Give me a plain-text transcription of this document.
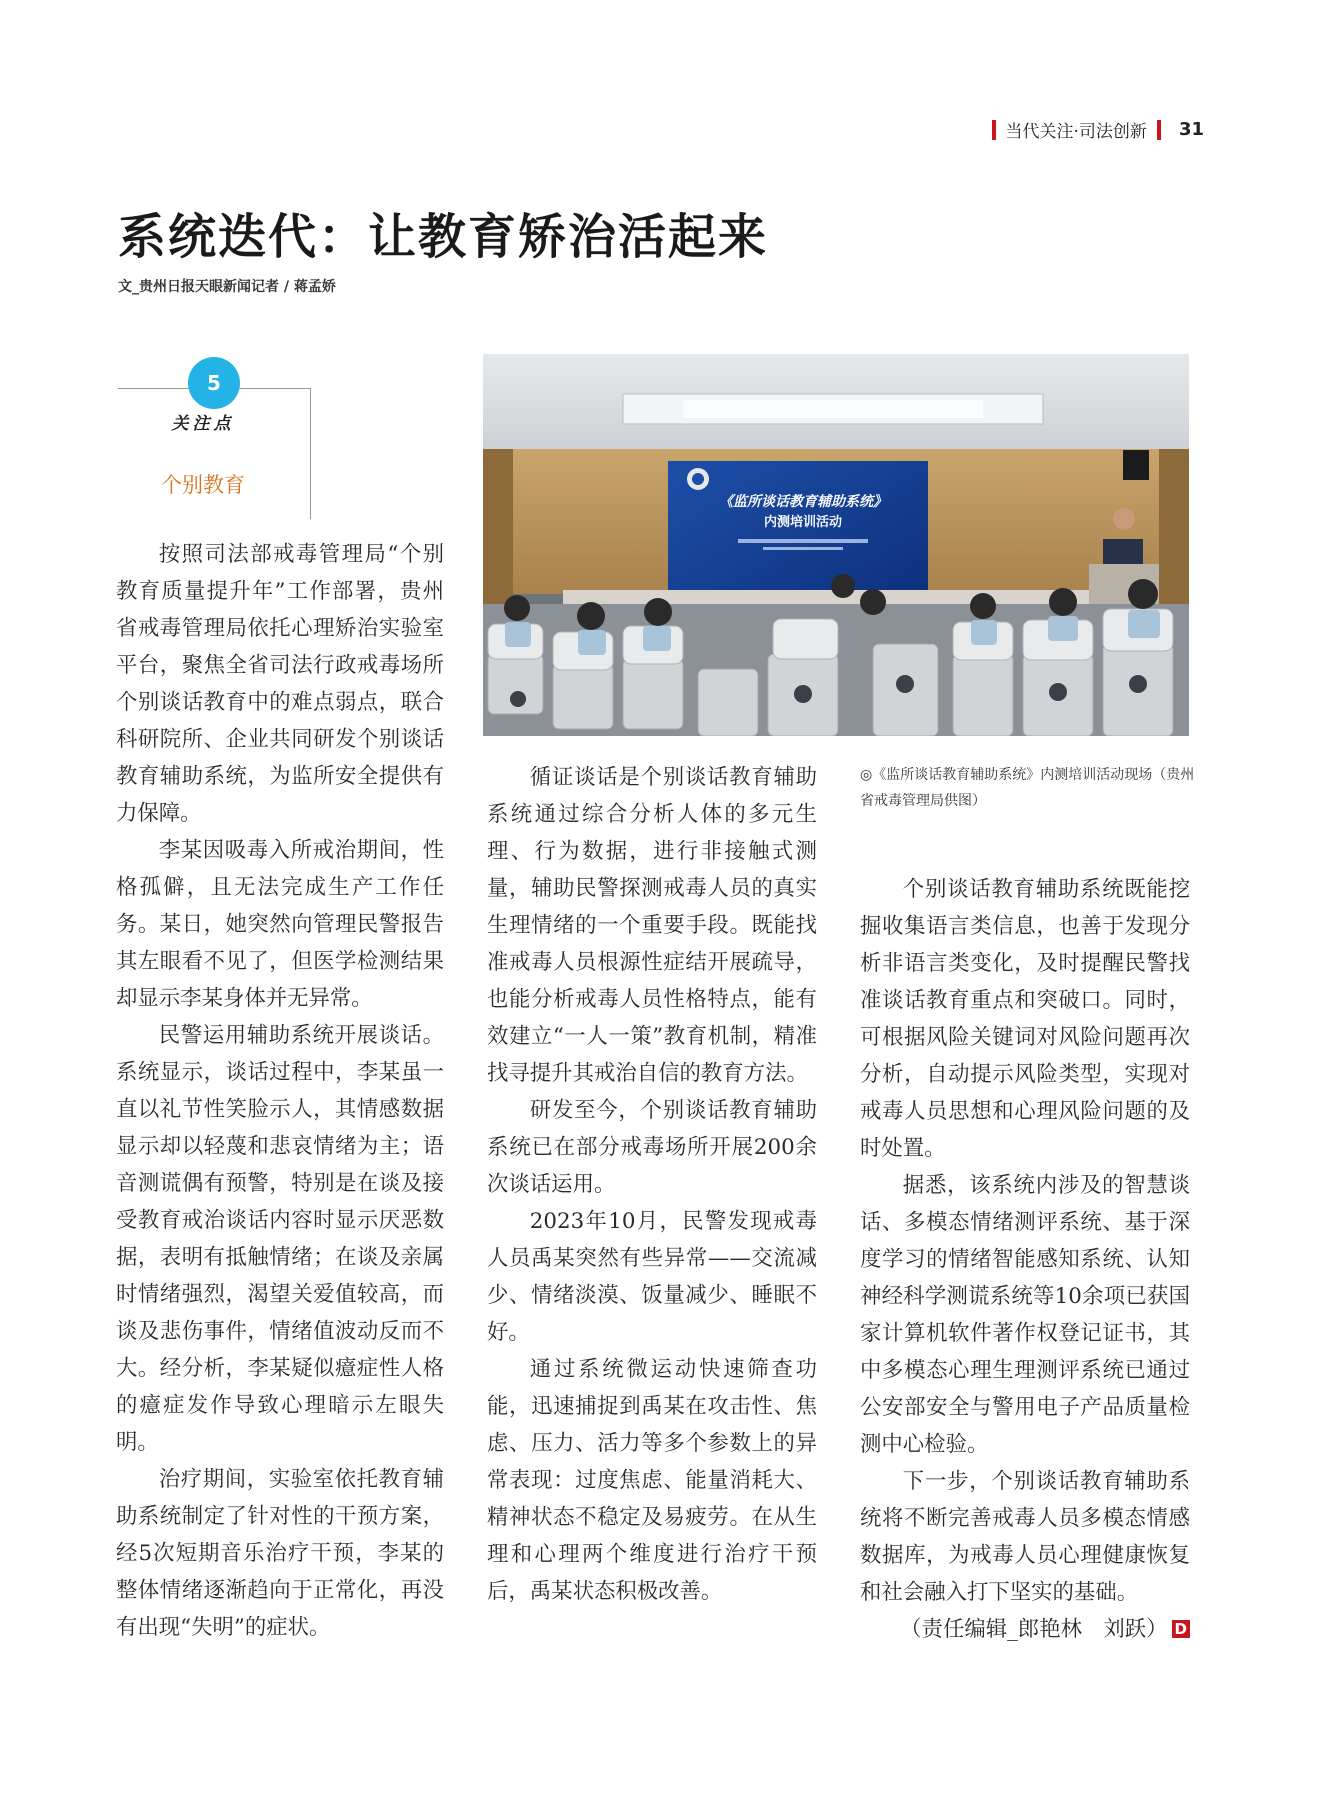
当代关注·司法创新 31
系统迭代：让教育矫治活起来
文_贵州日报天眼新闻记者 / 蒋孟娇
5
关注点
个别教育

按照司法部戒毒管理局“个别教育质量提升年”工作部署，贵州省戒毒管理局依托心理矫治实验室平台，聚焦全省司法行政戒毒场所个别谈话教育中的难点弱点，联合科研院所、企业共同研发个别谈话教育辅助系统，为监所安全提供有力保障。

李某因吸毒入所戒治期间，性格孤僻，且无法完成生产工作任务。某日，她突然向管理民警报告其左眼看不见了，但医学检测结果却显示李某身体并无异常。

民警运用辅助系统开展谈话。系统显示，谈话过程中，李某虽一直以礼节性笑脸示人，其情感数据显示却以轻蔑和悲哀情绪为主；语音测谎偶有预警，特别是在谈及接受教育戒治谈话内容时显示厌恶数据，表明有抵触情绪；在谈及亲属时情绪强烈，渴望关爱值较高，而谈及悲伤事件，情绪值波动反而不大。经分析，李某疑似癔症性人格的癔症发作导致心理暗示左眼失明。

治疗期间，实验室依托教育辅助系统制定了针对性的干预方案，经5次短期音乐治疗干预，李某的整体情绪逐渐趋向于正常化，再没有出现“失明”的症状。

《监所谈话教育辅助系统》
内测培训活动
◎《监所谈话教育辅助系统》内测培训活动现场（贵州省戒毒管理局供图）

循证谈话是个别谈话教育辅助系统通过综合分析人体的多元生理、行为数据，进行非接触式测量，辅助民警探测戒毒人员的真实生理情绪的一个重要手段。既能找准戒毒人员根源性症结开展疏导，也能分析戒毒人员性格特点，能有效建立“一人一策”教育机制，精准找寻提升其戒治自信的教育方法。

研发至今，个别谈话教育辅助系统已在部分戒毒场所开展200余次谈话运用。

2023年10月，民警发现戒毒人员禹某突然有些异常——交流减少、情绪淡漠、饭量减少、睡眠不好。

通过系统微运动快速筛查功能，迅速捕捉到禹某在攻击性、焦虑、压力、活力等多个参数上的异常表现：过度焦虑、能量消耗大、精神状态不稳定及易疲劳。在从生理和心理两个维度进行治疗干预后，禹某状态积极改善。

个别谈话教育辅助系统既能挖掘收集语言类信息，也善于发现分析非语言类变化，及时提醒民警找准谈话教育重点和突破口。同时，可根据风险关键词对风险问题再次分析，自动提示风险类型，实现对戒毒人员思想和心理风险问题的及时处置。

据悉，该系统内涉及的智慧谈话、多模态情绪测评系统、基于深度学习的情绪智能感知系统、认知神经科学测谎系统等10余项已获国家计算机软件著作权登记证书，其中多模态心理生理测评系统已通过公安部安全与警用电子产品质量检测中心检验。

下一步，个别谈话教育辅助系统将不断完善戒毒人员多模态情感数据库，为戒毒人员心理健康恢复和社会融入打下坚实的基础。

（责任编辑_郎艳林　刘跃） D
